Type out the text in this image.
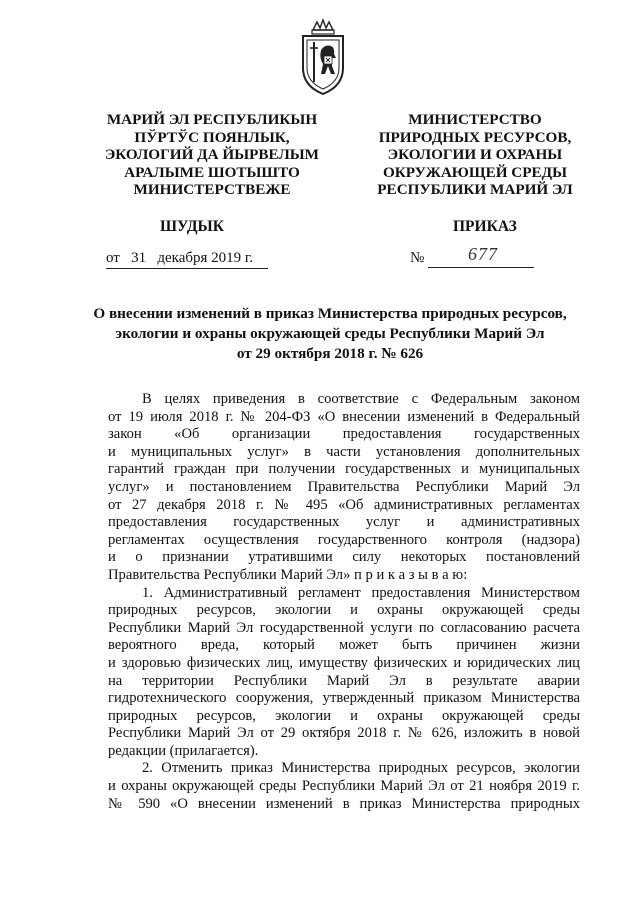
МАРИЙ ЭЛ РЕСПУБЛИКЫН
ПЎРТЎС ПОЯНЛЫК,
ЭКОЛОГИЙ ДА ЙЫРВЕЛЫМ
АРАЛЫМЕ ШОТЫШТО
МИНИСТЕРСТВЕЖЕ
МИНИСТЕРСТВО
ПРИРОДНЫХ РЕСУРСОВ,
ЭКОЛОГИИ И ОХРАНЫ
ОКРУЖАЮЩЕЙ СРЕДЫ
РЕСПУБЛИКИ МАРИЙ ЭЛ
ШУДЫК	ПРИКАЗ
от 31 декабря 2019 г.	№ 677
О внесении изменений в приказ Министерства природных ресурсов,
экологии и охраны окружающей среды Республики Марий Эл
от 29 октября 2018 г. № 626
В целях приведения в соответствие с Федеральным законом
от 19 июля 2018 г. № 204-ФЗ «О внесении изменений в Федеральный
закон «Об организации предоставления государственных
и муниципальных услуг» в части установления дополнительных
гарантий граждан при получении государственных и муниципальных
услуг» и постановлением Правительства Республики Марий Эл
от 27 декабря 2018 г. № 495 «Об административных регламентах
предоставления государственных услуг и административных
регламентах осуществления государственного контроля (надзора)
и о признании утратившими силу некоторых постановлений
Правительства Республики Марий Эл» п р и к а з ы в а ю:
1. Административный регламент предоставления Министерством
природных ресурсов, экологии и охраны окружающей среды
Республики Марий Эл государственной услуги по согласованию расчета
вероятного вреда, который может быть причинен жизни
и здоровью физических лиц, имуществу физических и юридических лиц
на территории Республики Марий Эл в результате аварии
гидротехнического сооружения, утвержденный приказом Министерства
природных ресурсов, экологии и охраны окружающей среды
Республики Марий Эл от 29 октября 2018 г. № 626, изложить в новой
редакции (прилагается).
2. Отменить приказ Министерства природных ресурсов, экологии
и охраны окружающей среды Республики Марий Эл от 21 ноября 2019 г.
№ 590 «О внесении изменений в приказ Министерства природных
